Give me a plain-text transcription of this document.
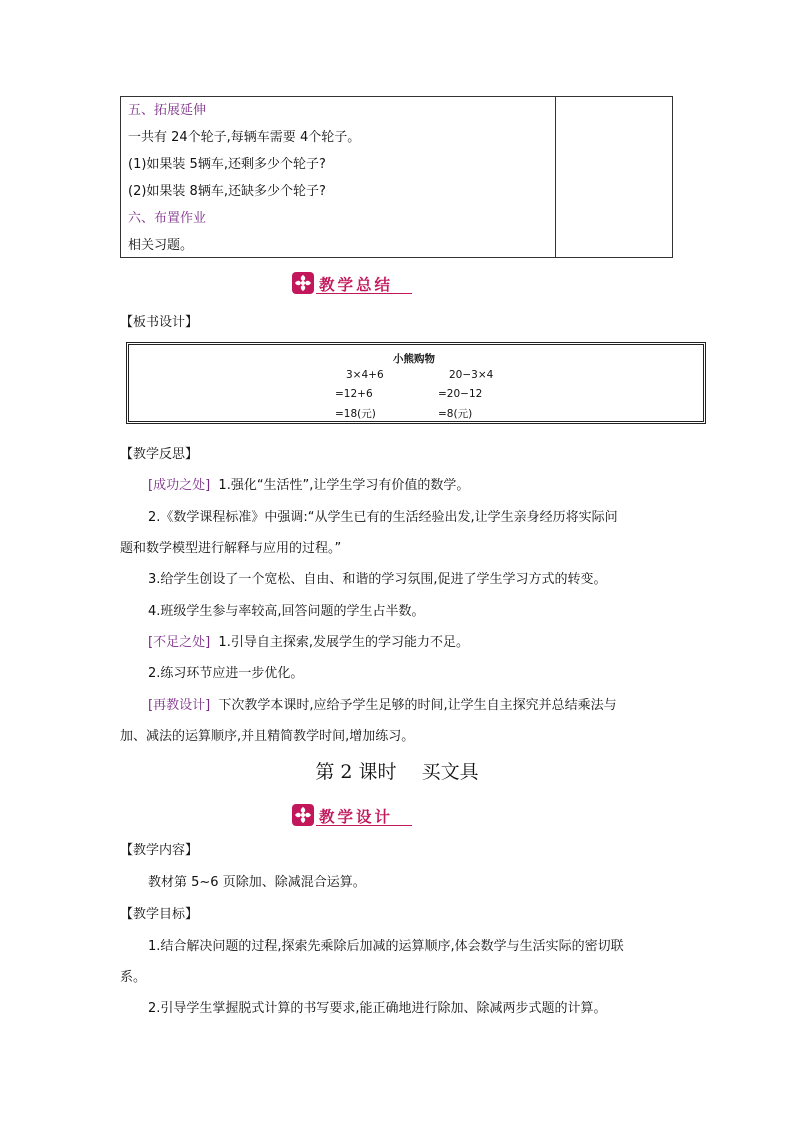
五、拓展延伸
一共有 24个轮子,每辆车需要 4个轮子。
(1)如果装 5辆车,还剩多少个轮子?
(2)如果装 8辆车,还缺多少个轮子?
六、布置作业
相关习题。
教学总结
【板书设计】
小熊购物
3×4+6
=12+6
=18(元)
20−3×4
=20−12
=8(元)
【教学反思】
[成功之处] 1.强化“生活性”,让学生学习有价值的数学。
2.《数学课程标准》中强调:“从学生已有的生活经验出发,让学生亲身经历将实际问
题和数学模型进行解释与应用的过程。”
3.给学生创设了一个宽松、自由、和谐的学习氛围,促进了学生学习方式的转变。
4.班级学生参与率较高,回答问题的学生占半数。
[不足之处] 1.引导自主探索,发展学生的学习能力不足。
2.练习环节应进一步优化。
[再教设计] 下次教学本课时,应给予学生足够的时间,让学生自主探究并总结乘法与
加、减法的运算顺序,并且精简教学时间,增加练习。
第 2 课时　 买文具
教学设计
【教学内容】
教材第 5~6 页除加、除减混合运算。
【教学目标】
1.结合解决问题的过程,探索先乘除后加减的运算顺序,体会数学与生活实际的密切联
系。
2.引导学生掌握脱式计算的书写要求,能正确地进行除加、除减两步式题的计算。
